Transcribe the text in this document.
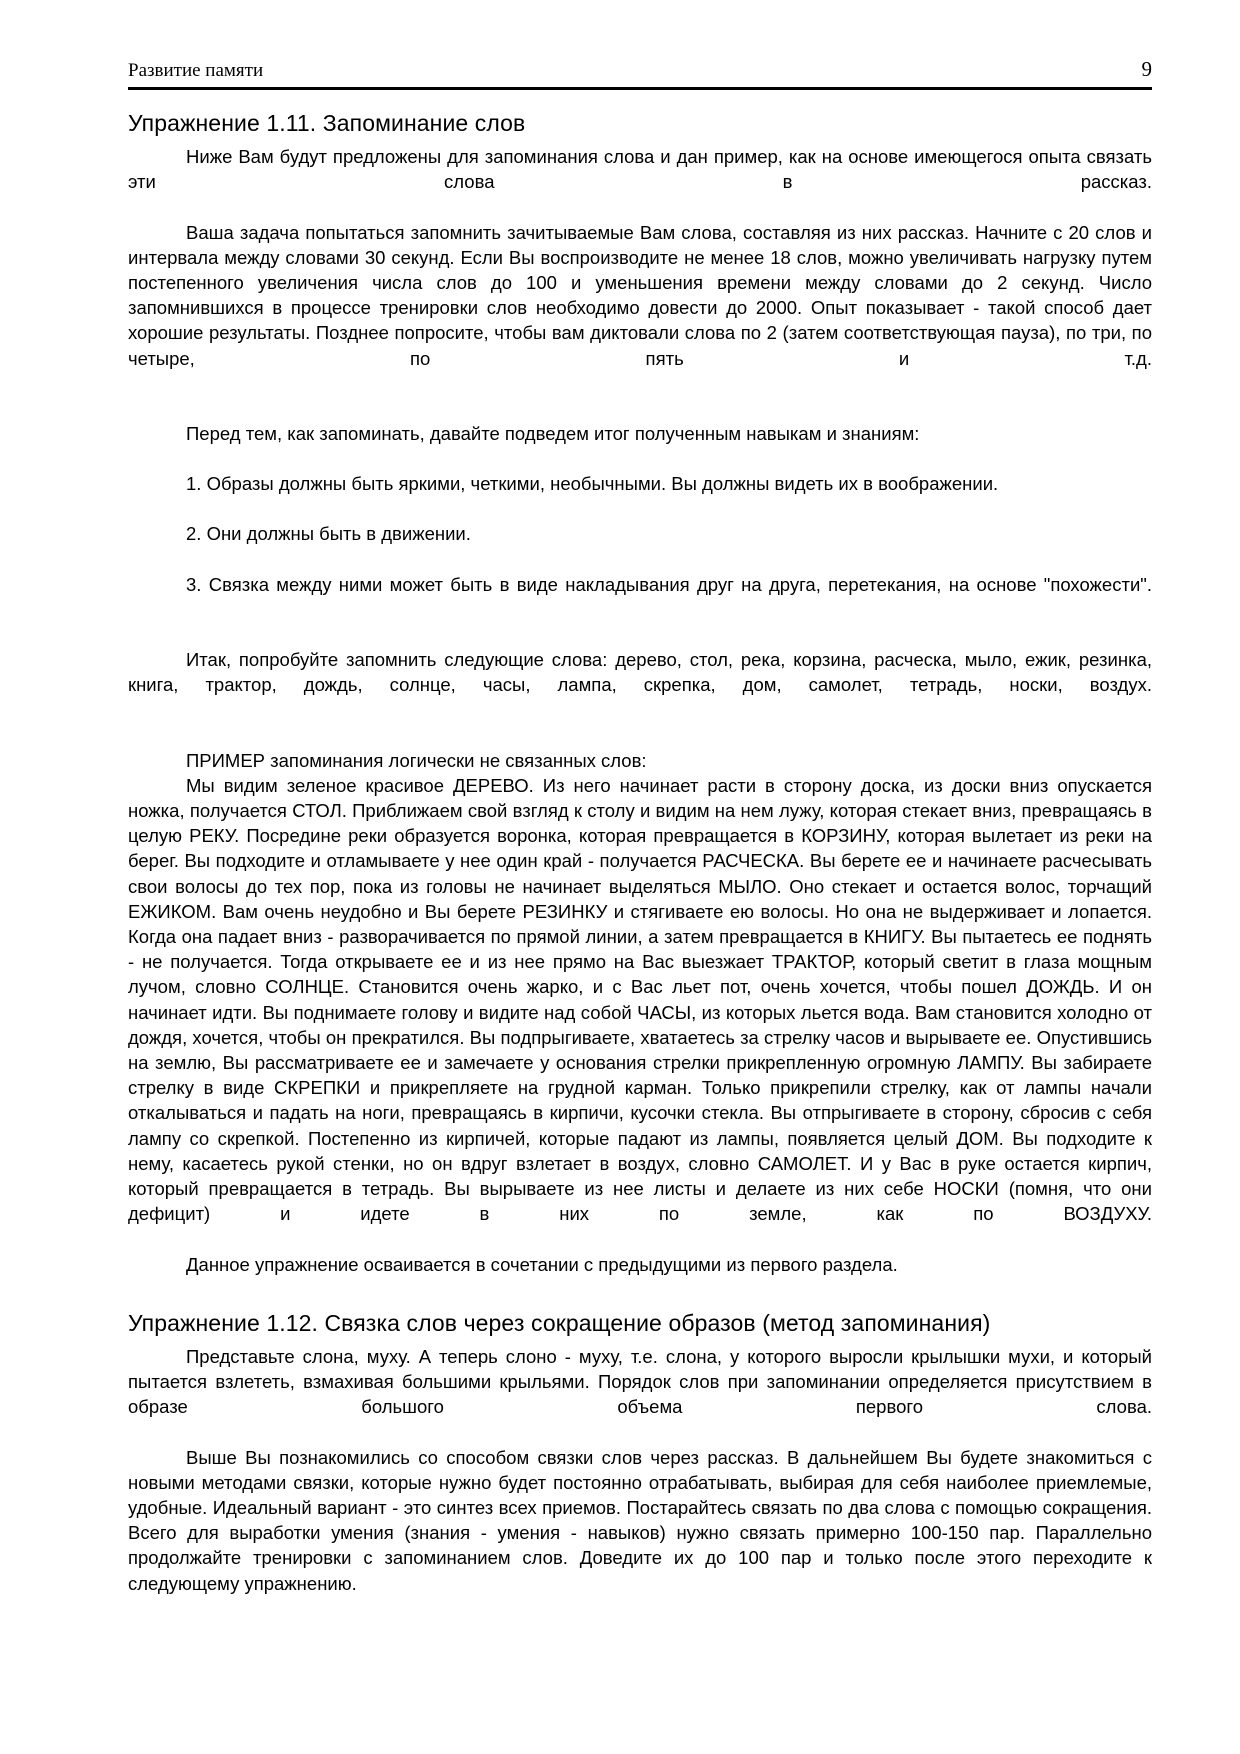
Развитие памяти	9
Упражнение 1.11. Запоминание слов

Ниже Вам будут предложены для запоминания слова и дан пример, как на основе имеющегося опыта связать эти слова в рассказ.

Ваша задача попытаться запомнить зачитываемые Вам слова, составляя из них рассказ. Начните с 20 слов и интервала между словами 30 секунд. Если Вы воспроизводите не менее 18 слов, можно увеличивать нагрузку путем постепенного увеличения числа слов до 100 и уменьшения времени между словами до 2 секунд. Число запомнившихся в процессе тренировки слов необходимо довести до 2000. Опыт показывает - такой способ дает хорошие результаты. Позднее попросите, чтобы вам диктовали слова по 2 (затем соответствующая пауза), по три, по четыре, по пять и т.д.

Перед тем, как запоминать, давайте подведем итог полученным навыкам и знаниям:

1. Образы должны быть яркими, четкими, необычными. Вы должны видеть их в воображении.

2. Они должны быть в движении.

3. Связка между ними может быть в виде накладывания друг на друга, перетекания, на основе "похожести".

Итак, попробуйте запомнить следующие слова: дерево, стол, река, корзина, расческа, мыло, ежик, резинка, книга, трактор, дождь, солнце, часы, лампа, скрепка, дом, самолет, тетрадь, носки, воздух.

ПРИМЕР запоминания логически не связанных слов:

Мы видим зеленое красивое ДЕРЕВО. Из него начинает расти в сторону доска, из доски вниз опускается ножка, получается СТОЛ. Приближаем свой взгляд к столу и видим на нем лужу, которая стекает вниз, превращаясь в целую РЕКУ. Посредине реки образуется воронка, которая превращается в КОРЗИНУ, которая вылетает из реки на берег. Вы подходите и отламываете у нее один край - получается РАСЧЕСКА. Вы берете ее и начинаете расчесывать свои волосы до тех пор, пока из головы не начинает выделяться МЫЛО. Оно стекает и остается волос, торчащий ЕЖИКОМ. Вам очень неудобно и Вы берете РЕЗИНКУ и стягиваете ею волосы. Но она не выдерживает и лопается. Когда она падает вниз - разворачивается по прямой линии, а затем превращается в КНИГУ. Вы пытаетесь ее поднять - не получается. Тогда открываете ее и из нее прямо на Вас выезжает ТРАКТОР, который светит в глаза мощным лучом, словно СОЛНЦЕ. Становится очень жарко, и с Вас льет пот, очень хочется, чтобы пошел ДОЖДЬ. И он начинает идти. Вы поднимаете голову и видите над собой ЧАСЫ, из которых льется вода. Вам становится холодно от дождя, хочется, чтобы он прекратился. Вы подпрыгиваете, хватаетесь за стрелку часов и вырываете ее. Опустившись на землю, Вы рассматриваете ее и замечаете у основания стрелки прикрепленную огромную ЛАМПУ. Вы забираете стрелку в виде СКРЕПКИ и прикрепляете на грудной карман. Только прикрепили стрелку, как от лампы начали откалываться и падать на ноги, превращаясь в кирпичи, кусочки стекла. Вы отпрыгиваете в сторону, сбросив с себя лампу со скрепкой. Постепенно из кирпичей, которые падают из лампы, появляется целый ДОМ. Вы подходите к нему, касаетесь рукой стенки, но он вдруг взлетает в воздух, словно САМОЛЕТ. И у Вас в руке остается кирпич, который превращается в тетрадь. Вы вырываете из нее листы и делаете из них себе НОСКИ (помня, что они дефицит) и идете в них по земле, как по ВОЗДУХУ.

Данное упражнение осваивается в сочетании с предыдущими из первого раздела.

Упражнение 1.12. Связка слов через сокращение образов (метод запоминания)

Представьте слона, муху. А теперь слоно - муху, т.е. слона, у которого выросли крылышки мухи, и который пытается взлететь, взмахивая большими крыльями. Порядок слов при запоминании определяется присутствием в образе большого объема первого слова.

Выше Вы познакомились со способом связки слов через рассказ. В дальнейшем Вы будете знакомиться с новыми методами связки, которые нужно будет постоянно отрабатывать, выбирая для себя наиболее приемлемые, удобные. Идеальный вариант - это синтез всех приемов. Постарайтесь связать по два слова с помощью сокращения. Всего для выработки умения (знания - умения - навыков) нужно связать примерно 100-150 пар. Параллельно продолжайте тренировки с запоминанием слов. Доведите их до 100 пар и только после этого переходите к следующему упражнению.
